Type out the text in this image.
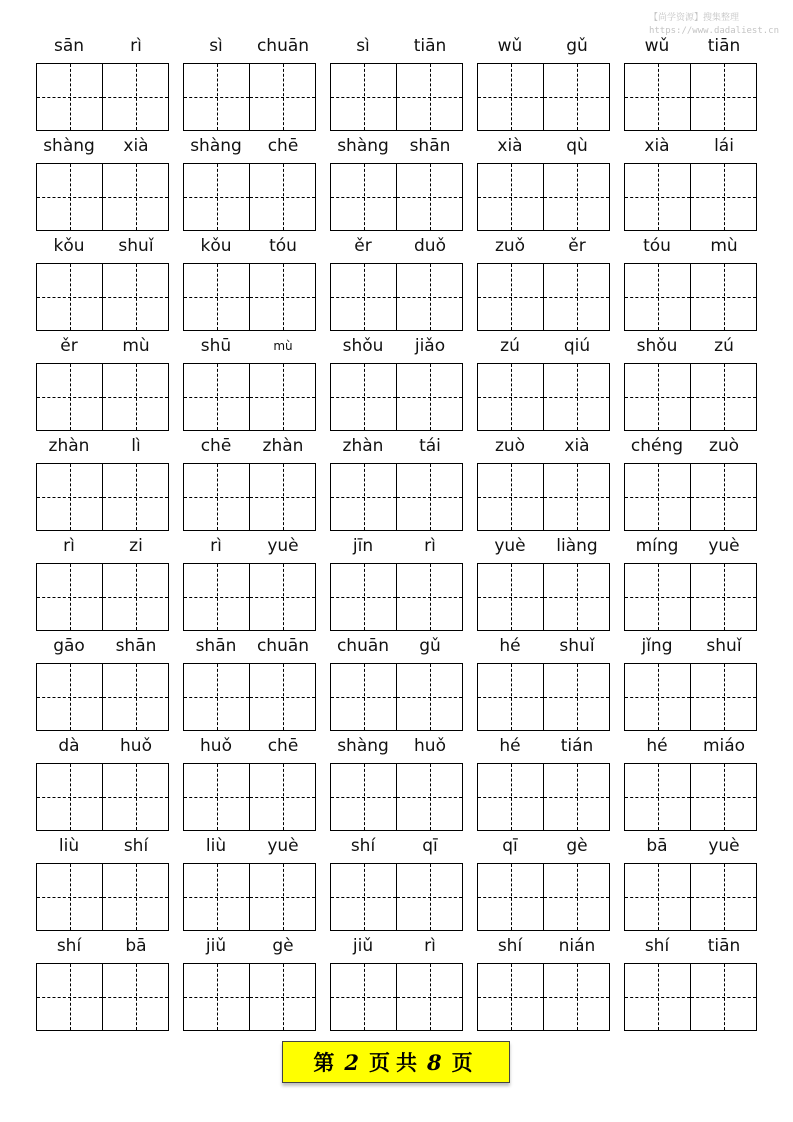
【尚学资源】搜集整理
https://www.dadaliest.cn
sān	rì	sì	chuān	sì	tiān	wǔ	gǔ	wǔ	tiān
shàng	xià	shàng	chē	shàng	shān	xià	qù	xià	lái
kǒu	shuǐ	kǒu	tóu	ěr	duǒ	zuǒ	ěr	tóu	mù
ěr	mù	shū	mù	shǒu	jiǎo	zú	qiú	shǒu	zú
zhàn	lì	chē	zhàn	zhàn	tái	zuò	xià	chéng	zuò
rì	zi	rì	yuè	jīn	rì	yuè	liàng	míng	yuè
gāo	shān	shān	chuān	chuān	gǔ	hé	shuǐ	jǐng	shuǐ
dà	huǒ	huǒ	chē	shàng	huǒ	hé	tián	hé	miáo
liù	shí	liù	yuè	shí	qī	qī	gè	bā	yuè
shí	bā	jiǔ	gè	jiǔ	rì	shí	nián	shí	tiān
第 2 页共 8 页
